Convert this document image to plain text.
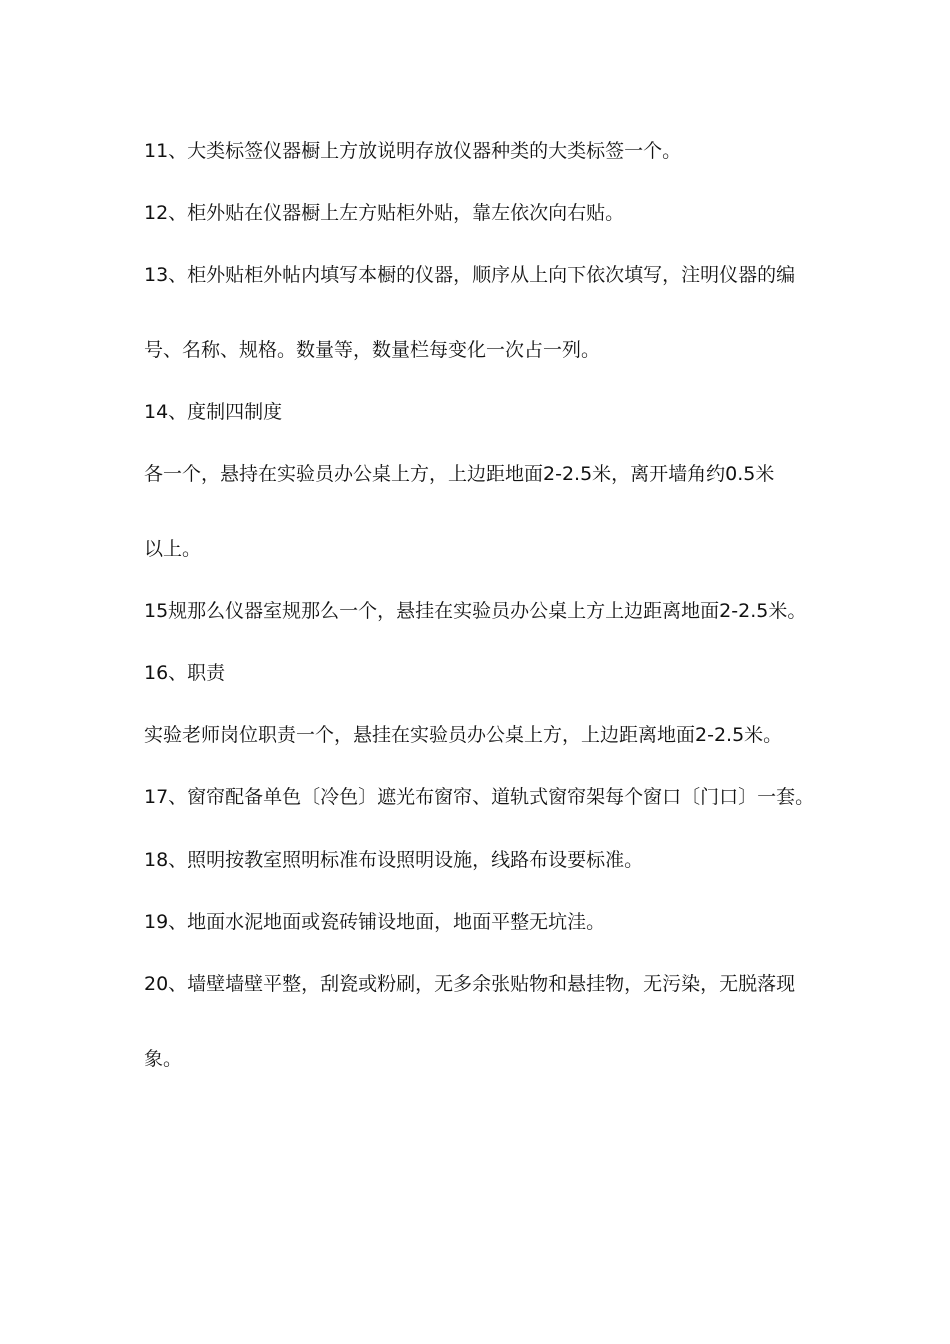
11、大类标签仪器橱上方放说明存放仪器种类的大类标签一个。
12、柜外贴在仪器橱上左方贴柜外贴，靠左依次向右贴。
13、柜外贴柜外帖内填写本橱的仪器，顺序从上向下依次填写，注明仪器的编
号、名称、规格。数量等，数量栏每变化一次占一列。
14、度制四制度
各一个，悬持在实验员办公桌上方，上边距地面2-2.5米，离开墙角约0.5米
以上。
15规那么仪器室规那么一个，悬挂在实验员办公桌上方上边距离地面2-2.5米。
16、职责
实验老师岗位职责一个，悬挂在实验员办公桌上方，上边距离地面2-2.5米。
17、窗帘配备单色〔冷色〕遮光布窗帘、道轨式窗帘架每个窗口〔门口〕一套。
18、照明按教室照明标准布设照明设施，线路布设要标准。
19、地面水泥地面或瓷砖铺设地面，地面平整无坑洼。
20、墙壁墙壁平整，刮瓷或粉刷，无多余张贴物和悬挂物，无污染，无脱落现
象。
